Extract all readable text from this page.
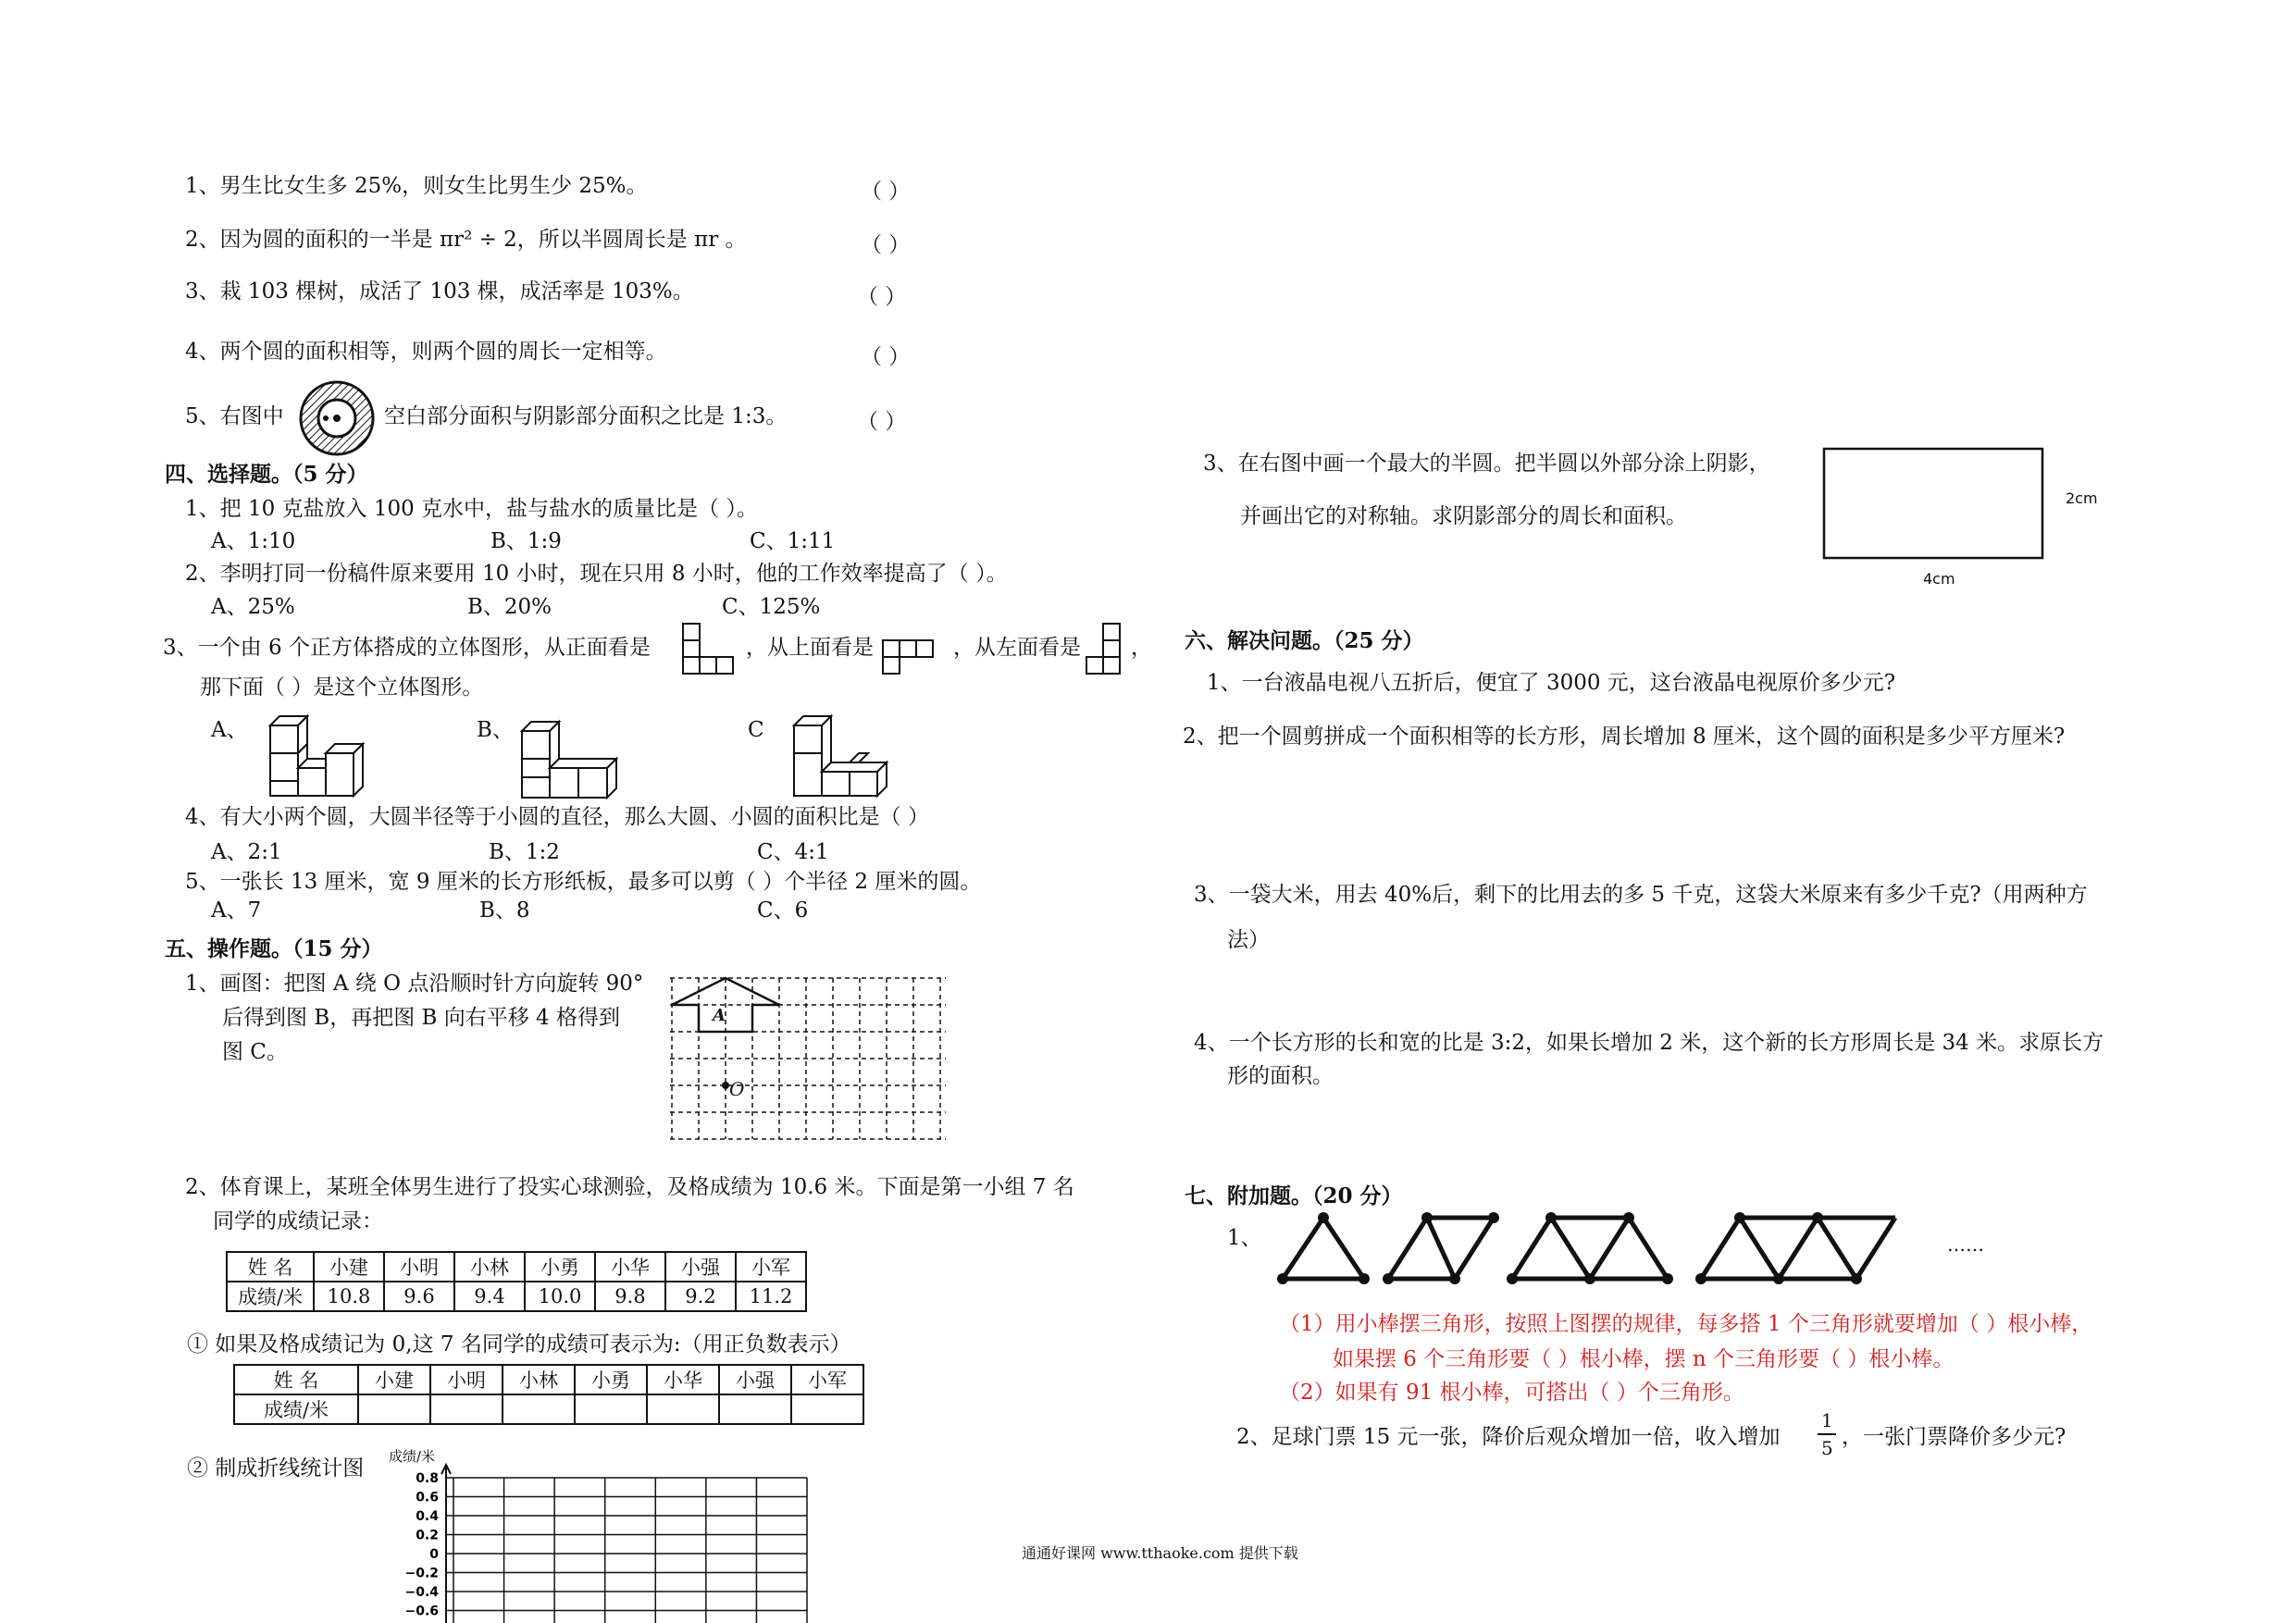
1、男生比女生多 25%，则女生比男生少 25%。	（ ）
2、因为圆的面积的一半是 πr² ÷ 2，所以半圆周长是 πr 。	（ ）
3、栽 103 棵树，成活了 103 棵，成活率是 103%。	（ ）
4、两个圆的面积相等，则两个圆的周长一定相等。	（ ）
5、右图中	空白部分面积与阴影部分面积之比是 1:3。	（ ）
四、选择题。（5 分）
1、把 10 克盐放入 100 克水中，盐与盐水的质量比是（ ）。
A、1:10	B、1:9	C、1:11
2、李明打同一份稿件原来要用 10 小时，现在只用 8 小时，他的工作效率提高了（ ）。
A、25%	B、20%	C、125%
3、一个由 6 个正方体搭成的立体图形，从正面看是	，从上面看是	，从左面看是 ，
那下面（ ）是这个立体图形。
A、	B、	C
4、有大小两个圆，大圆半径等于小圆的直径，那么大圆、小圆的面积比是（ ）
A、2:1	B、1:2	C、4:1
5、一张长 13 厘米，宽 9 厘米的长方形纸板，最多可以剪（ ）个半径 2 厘米的圆。
A、7	B、8	C、6
五、操作题。（15 分）
1、画图：把图 A 绕 O 点沿顺时针方向旋转 90°
后得到图 B，再把图 B 向右平移 4 格得到
图 C。
A
O
2、体育课上，某班全体男生进行了投实心球测验，及格成绩为 10.6 米。下面是第一小组 7 名
同学的成绩记录：
姓 名	小建	小明	小林	小勇	小华	小强	小军
成绩/米	10.8	9.6	9.4	10.0	9.8	9.2	11.2
① 如果及格成绩记为 0,这 7 名同学的成绩可表示为:（用正负数表示）
姓 名	小建	小明	小林	小勇	小华	小强	小军
成绩/米							
② 制成折线统计图 成绩/米
0.8
0.6
0.4
0.2
0
−0.2
−0.4
−0.6
3、在右图中画一个最大的半圆。把半圆以外部分涂上阴影，
并画出它的对称轴。求阴影部分的周长和面积。
2cm
4cm
六、解决问题。（25 分）
1、一台液晶电视八五折后，便宜了 3000 元，这台液晶电视原价多少元?
2、把一个圆剪拼成一个面积相等的长方形，周长增加 8 厘米，这个圆的面积是多少平方厘米?
3、一袋大米，用去 40%后，剩下的比用去的多 5 千克，这袋大米原来有多少千克?（用两种方
法）
4、一个长方形的长和宽的比是 3:2，如果长增加 2 米，这个新的长方形周长是 34 米。求原长方
形的面积。
七、附加题。（20 分）
1、	……
（1）用小棒摆三角形，按照上图摆的规律，每多搭 1 个三角形就要增加（ ）根小棒，
如果摆 6 个三角形要（ ）根小棒，摆 n 个三角形要（ ）根小棒。
（2）如果有 91 根小棒，可搭出（ ）个三角形。
2、足球门票 15 元一张，降价后观众增加一倍，收入增加
1
5 ，一张门票降价多少元?
通通好课网 www.tthaoke.com 提供下载
